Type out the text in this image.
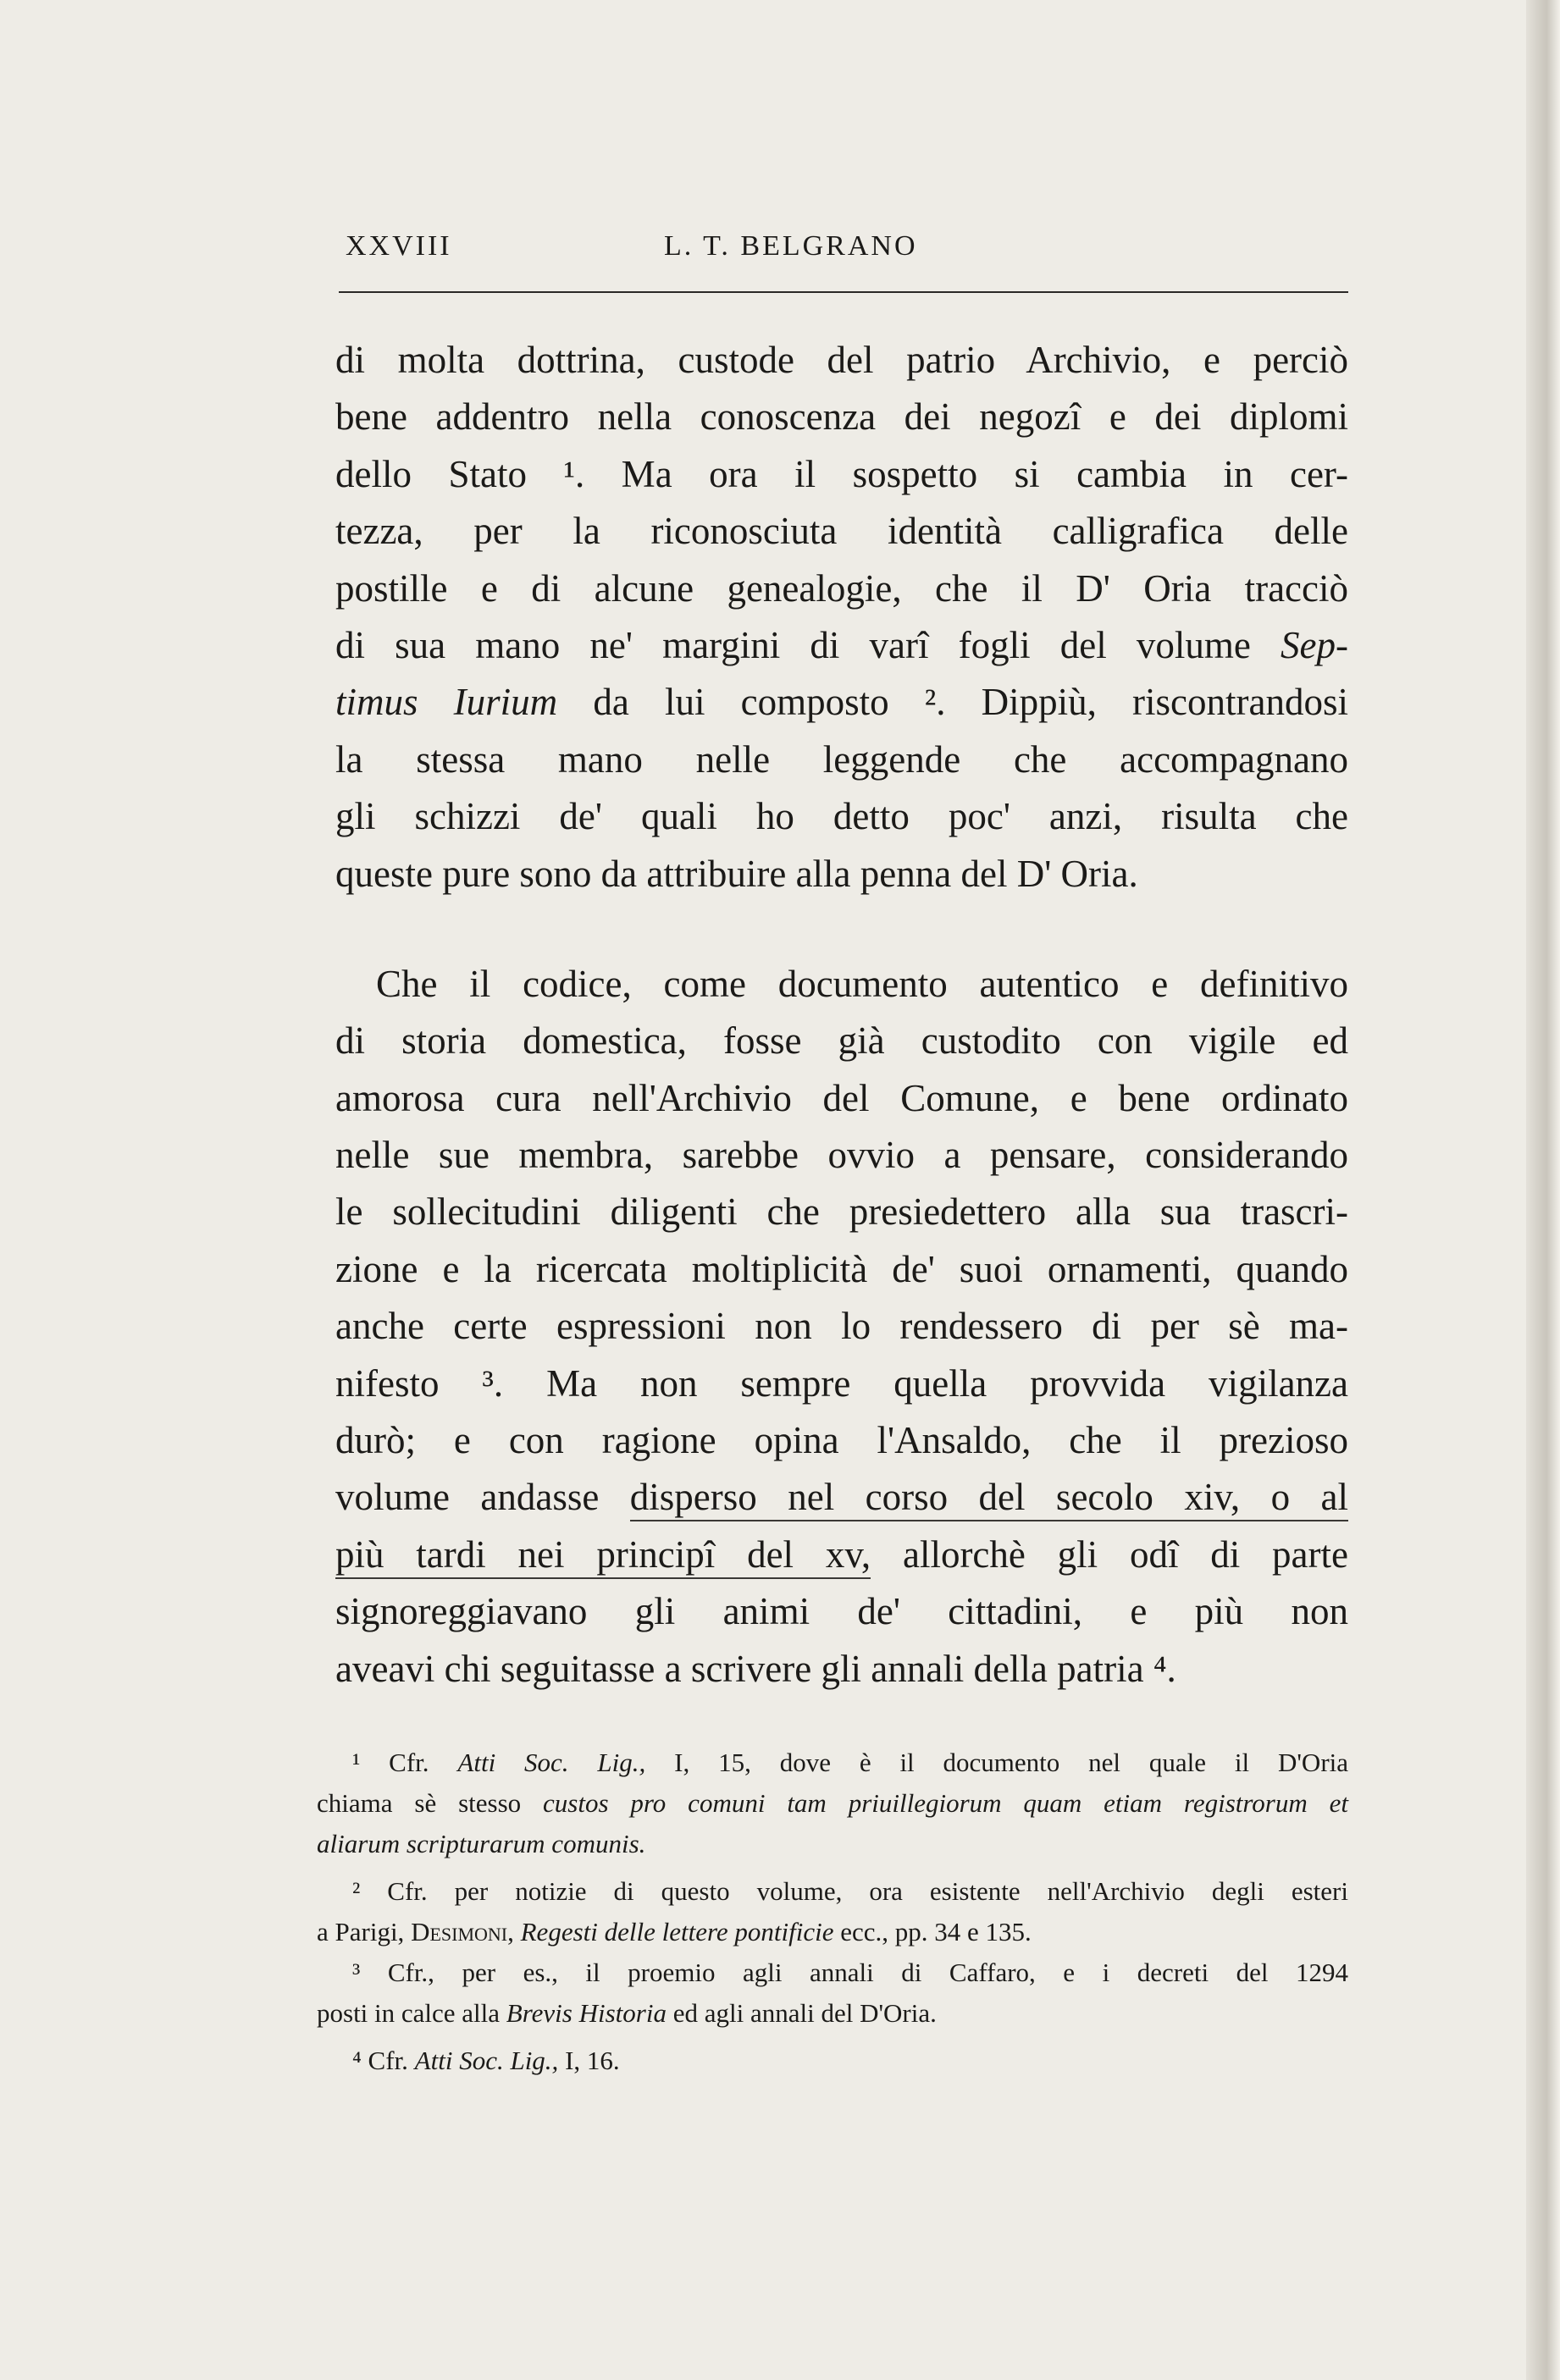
XXVIII	L. T. BELGRANO
di molta dottrina, custode del patrio Archivio, e perciò
bene addentro nella conoscenza dei negozî e dei diplomi
dello Stato ¹. Ma ora il sospetto si cambia in cer-
tezza, per la riconosciuta identità calligrafica delle
postille e di alcune genealogie, che il D' Oria tracciò
di sua mano ne' margini di varî fogli del volume Sep-
timus Iurium da lui composto ². Dippiù, riscontrandosi
la stessa mano nelle leggende che accompagnano
gli schizzi de' quali ho detto poc' anzi, risulta che
queste pure sono da attribuire alla penna del D' Oria.
Che il codice, come documento autentico e definitivo
di storia domestica, fosse già custodito con vigile ed
amorosa cura nell'Archivio del Comune, e bene ordinato
nelle sue membra, sarebbe ovvio a pensare, considerando
le sollecitudini diligenti che presiedettero alla sua trascri-
zione e la ricercata moltiplicità de' suoi ornamenti, quando
anche certe espressioni non lo rendessero di per sè ma-
nifesto ³. Ma non sempre quella provvida vigilanza
durò; e con ragione opina l'Ansaldo, che il prezioso
volume andasse disperso nel corso del secolo xiv, o al
più tardi nei principî del xv, allorchè gli odî di parte
signoreggiavano gli animi de' cittadini, e più non
aveavi chi seguitasse a scrivere gli annali della patria ⁴.
¹ Cfr. Atti Soc. Lig., I, 15, dove è il documento nel quale il D'Oria
chiama sè stesso custos pro comuni tam priuillegiorum quam etiam registrorum et
aliarum scripturarum comunis.
² Cfr. per notizie di questo volume, ora esistente nell'Archivio degli esteri
a Parigi, Desimoni, Regesti delle lettere pontificie ecc., pp. 34 e 135.
³ Cfr., per es., il proemio agli annali di Caffaro, e i decreti del 1294
posti in calce alla Brevis Historia ed agli annali del D'Oria.
⁴ Cfr. Atti Soc. Lig., I, 16.
